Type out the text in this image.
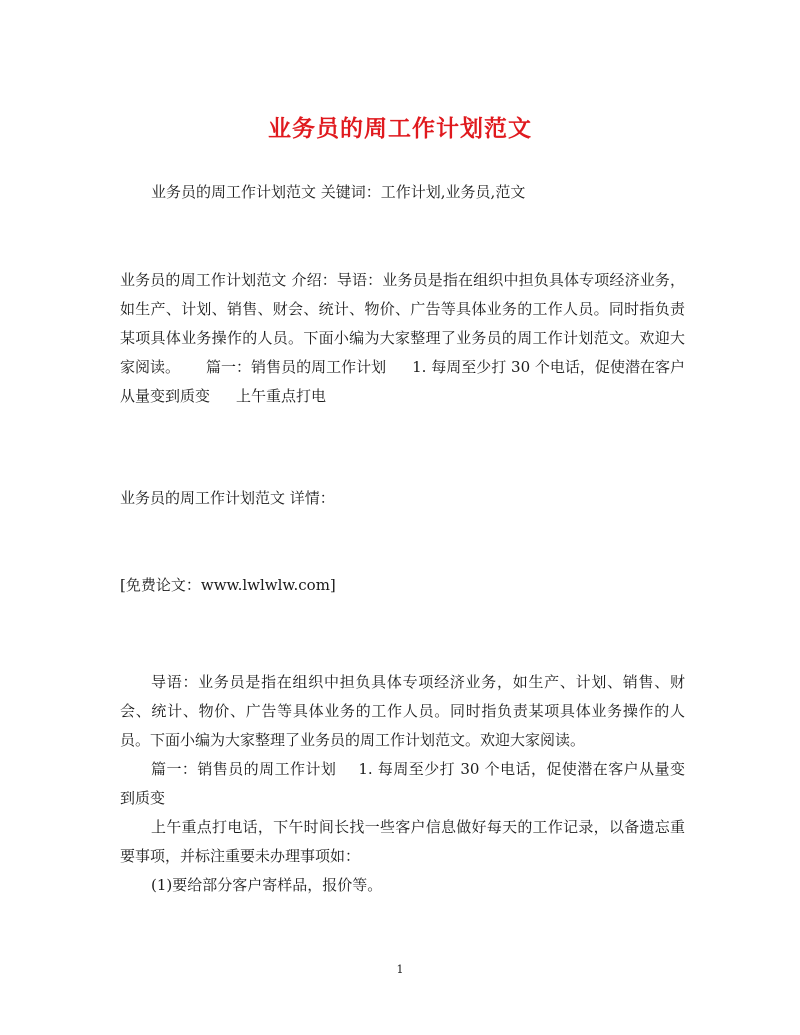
业务员的周工作计划范文
业务员的周工作计划范文 关键词：工作计划,业务员,范文
业务员的周工作计划范文 介绍：导语：业务员是指在组织中担负具体专项经济业务，如生产、计划、销售、财会、统计、物价、广告等具体业务的工作人员。同时指负责某项具体业务操作的人员。下面小编为大家整理了业务员的周工作计划范文。欢迎大家阅读。 篇一：销售员的周工作计划 1. 每周至少打 30 个电话，促使潜在客户从量变到质变 上午重点打电
业务员的周工作计划范文 详情：
[免费论文：www.lwlwlw.com]
导语：业务员是指在组织中担负具体专项经济业务，如生产、计划、销售、财会、统计、物价、广告等具体业务的工作人员。同时指负责某项具体业务操作的人员。下面小编为大家整理了业务员的周工作计划范文。欢迎大家阅读。
篇一：销售员的周工作计划 1. 每周至少打 30 个电话，促使潜在客户从量变到质变
上午重点打电话，下午时间长找一些客户信息做好每天的工作记录，以备遗忘重要事项，并标注重要未办理事项如：
(1)要给部分客户寄样品，报价等。
1
